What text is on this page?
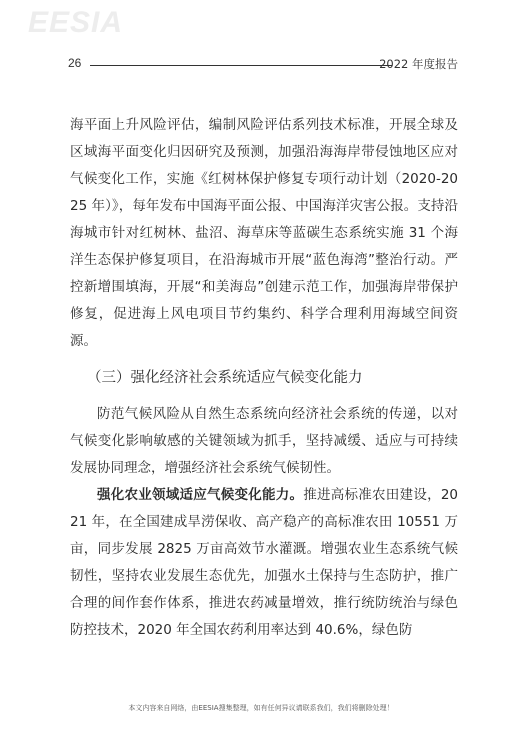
EESIA
26	2022 年度报告

海平面上升风险评估，编制风险评估系列技术标准，开展全球及区域海平面变化归因研究及预测，加强沿海海岸带侵蚀地区应对气候变化工作，实施《红树林保护修复专项行动计划（2020-2025 年）》，每年发布中国海平面公报、中国海洋灾害公报。支持沿海城市针对红树林、盐沼、海草床等蓝碳生态系统实施 31 个海洋生态保护修复项目，在沿海城市开展“蓝色海湾”整治行动。严控新增围填海，开展“和美海岛”创建示范工作，加强海岸带保护修复，促进海上风电项目节约集约、科学合理利用海域空间资源。

（三）强化经济社会系统适应气候变化能力

防范气候风险从自然生态系统向经济社会系统的传递，以对气候变化影响敏感的关键领域为抓手，坚持减缓、适应与可持续发展协同理念，增强经济社会系统气候韧性。

强化农业领域适应气候变化能力。推进高标准农田建设，2021 年，在全国建成旱涝保收、高产稳产的高标准农田 10551 万亩，同步发展 2825 万亩高效节水灌溉。增强农业生态系统气候韧性，坚持农业发展生态优先，加强水土保持与生态防护，推广合理的间作套作体系，推进农药减量增效，推行统防统治与绿色防控技术，2020 年全国农药利用率达到 40.6%，绿色防

本文内容来自网络，由EESIA搜集整理，如有任何异议请联系我们，我们将删除处理！
